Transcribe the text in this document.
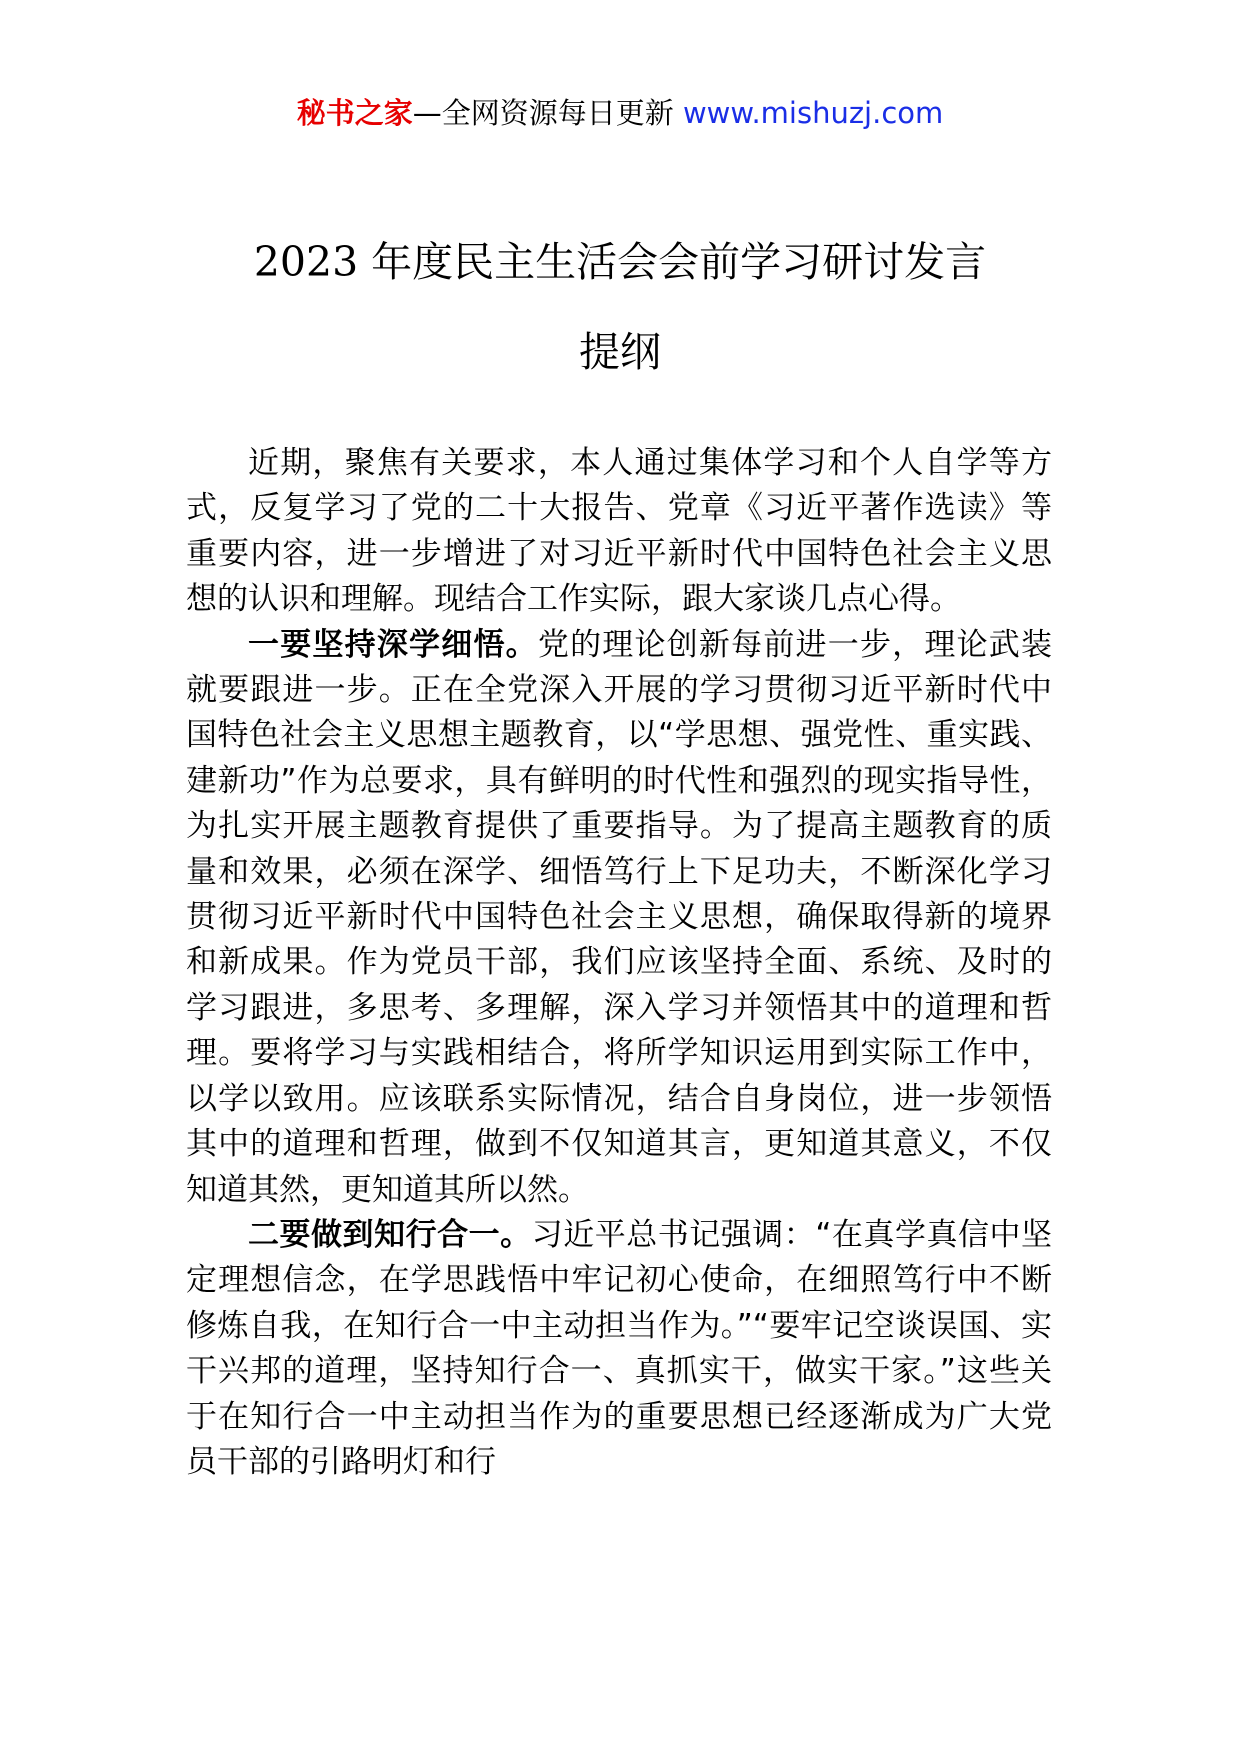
秘书之家—全网资源每日更新 www.mishuzj.com
2023 年度民主生活会会前学习研讨发言
提纲

近期，聚焦有关要求，本人通过集体学习和个人自学等方式，反复学习了党的二十大报告、党章《习近平著作选读》等重要内容，进一步增进了对习近平新时代中国特色社会主义思想的认识和理解。现结合工作实际，跟大家谈几点心得。

一要坚持深学细悟。党的理论创新每前进一步，理论武装就要跟进一步。正在全党深入开展的学习贯彻习近平新时代中国特色社会主义思想主题教育，以“学思想、强党性、重实践、建新功”作为总要求，具有鲜明的时代性和强烈的现实指导性，为扎实开展主题教育提供了重要指导。为了提高主题教育的质量和效果，必须在深学、细悟笃行上下足功夫，不断深化学习贯彻习近平新时代中国特色社会主义思想，确保取得新的境界和新成果。作为党员干部，我们应该坚持全面、系统、及时的学习跟进，多思考、多理解，深入学习并领悟其中的道理和哲理。要将学习与实践相结合，将所学知识运用到实际工作中，以学以致用。应该联系实际情况，结合自身岗位，进一步领悟其中的道理和哲理，做到不仅知道其言，更知道其意义，不仅知道其然，更知道其所以然。

二要做到知行合一。习近平总书记强调：“在真学真信中坚定理想信念，在学思践悟中牢记初心使命，在细照笃行中不断修炼自我，在知行合一中主动担当作为。”“要牢记空谈误国、实干兴邦的道理，坚持知行合一、真抓实干，做实干家。”这些关于在知行合一中主动担当作为的重要思想已经逐渐成为广大党员干部的引路明灯和行
